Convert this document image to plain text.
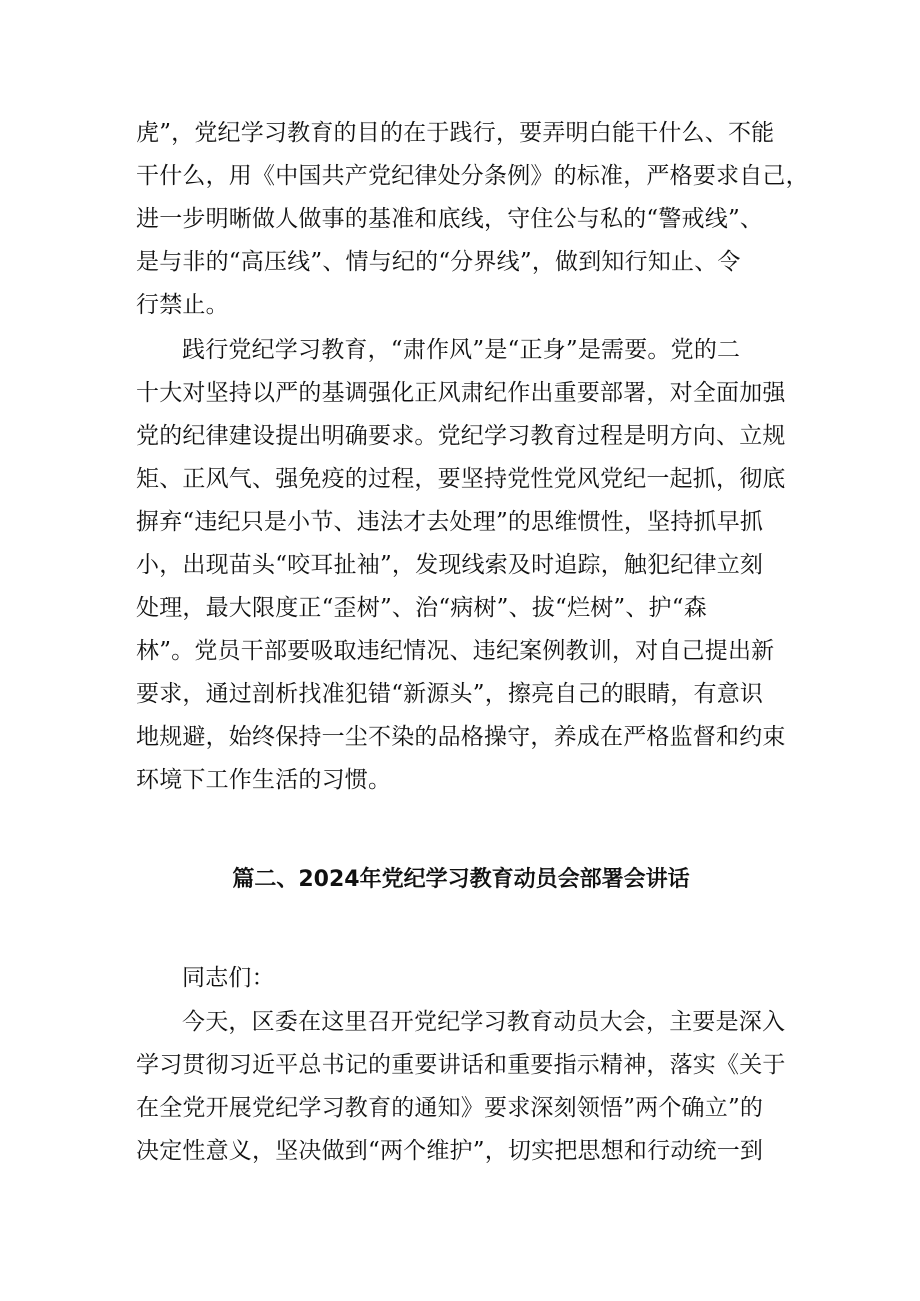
虎”，党纪学习教育的目的在于践行，要弄明白能干什么、不能
干什么，用《中国共产党纪律处分条例》的标准，严格要求自己，
进一步明晰做人做事的基准和底线，守住公与私的“警戒线”、
是与非的“高压线”、情与纪的“分界线”，做到知行知止、令
行禁止。
践行党纪学习教育，“肃作风”是“正身”是需要。党的二
十大对坚持以严的基调强化正风肃纪作出重要部署，对全面加强
党的纪律建设提出明确要求。党纪学习教育过程是明方向、立规
矩、正风气、强免疫的过程，要坚持党性党风党纪一起抓，彻底
摒弃“违纪只是小节、违法才去处理”的思维惯性，坚持抓早抓
小，出现苗头“咬耳扯袖”，发现线索及时追踪，触犯纪律立刻
处理，最大限度正“歪树”、治“病树”、拔“烂树”、护“森
林”。党员干部要吸取违纪情况、违纪案例教训，对自己提出新
要求，通过剖析找准犯错“新源头”，擦亮自己的眼睛，有意识
地规避，始终保持一尘不染的品格操守，养成在严格监督和约束
环境下工作生活的习惯。
篇二、2024年党纪学习教育动员会部署会讲话
同志们：
今天，区委在这里召开党纪学习教育动员大会，主要是深入
学习贯彻习近平总书记的重要讲话和重要指示精神，落实《关于
在全党开展党纪学习教育的通知》要求深刻领悟”两个确立”的
决定性意义，坚决做到“两个维护”，切实把思想和行动统一到
